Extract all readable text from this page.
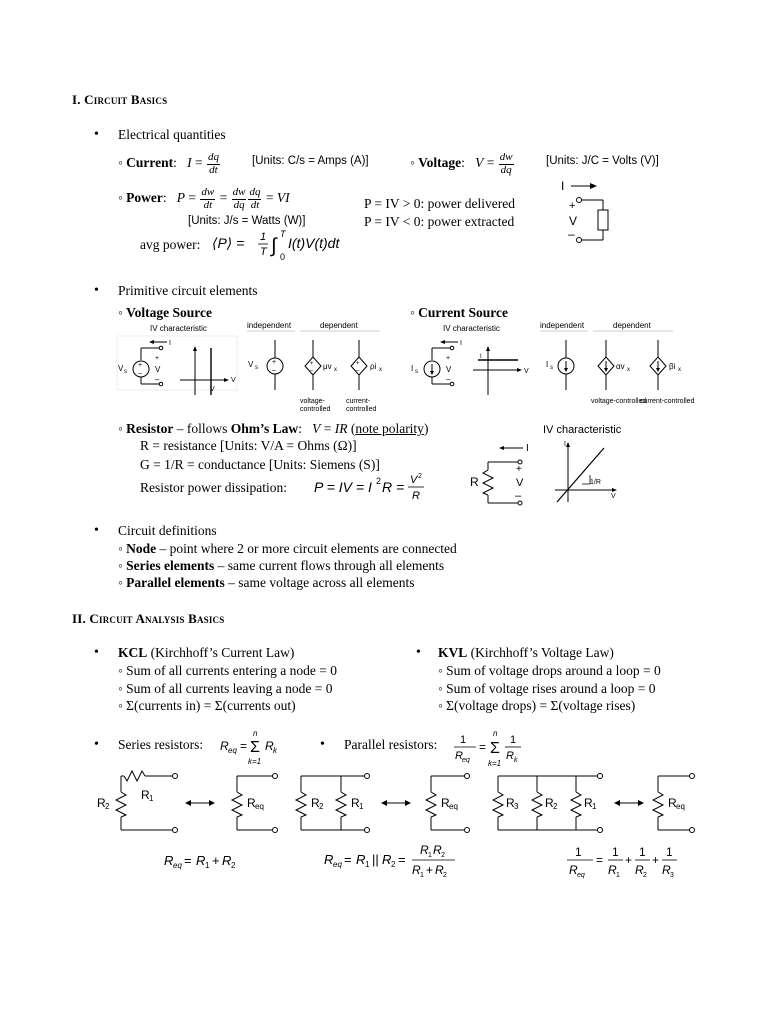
I. Circuit Basics
• Electrical quantities
◦ Current:   $I = \frac{dq}{dt}$	[Units: C/s = Amps (A)]	◦ Voltage:   $V = \frac{dw}{dq}$	[Units: J/C = Volts (V)]
◦ Power:   $P = \frac{dw}{dt} = \frac{dw}{dq} \frac{dq}{dt}$ = VI
[Units: J/s = Watts (W)]
P = IV > 0: power delivered
P = IV < 0: power extracted
avg power: ⟨P⟩ = 1
T ∫
T
0
I(t)V(t)dt
I
+
V
–
• Primitive circuit elements
◦ Voltage Source	◦ Current Source
IV characteristic
V s
+
–
+
V
–
I
V
V
independent
V s
+
–
dependent
+
– μv x
+
– ρi x
voltage-
controlled
current-
controlled
IV characteristic
I s
+
V
–
I
V
I
independent
I s
dependent
αv x	βi x
voltage-controlled
current-controlled
◦ Resistor – follows Ohm’s Law:   V = IR (note polarity)
R = resistance [Units: V/A = Ohms (Ω)]
G = 1/R = conductance [Units: Siemens (S)]
Resistor power dissipation: P = IV = I 2 R = V 2
R
I
R
+
V
–
IV characteristic
1/R
I
V
• Circuit definitions
◦ Node – point where 2 or more circuit elements are connected
◦ Series elements – same current flows through all elements
◦ Parallel elements – same voltage across all elements
II. Circuit Analysis Basics
• KCL (Kirchhoff’s Current Law)
◦ Sum of all currents entering a node = 0
◦ Sum of all currents leaving a node = 0
◦ Σ(currents in) = Σ(currents out)
• KVL (Kirchhoff’s Voltage Law)
◦ Sum of voltage drops around a loop = 0
◦ Sum of voltage rises around a loop = 0
◦ Σ(voltage drops) = Σ(voltage rises)
• Series resistors: R eq =
n
Σ
k=1
R k	• Parallel resistors: 1
R eq
=
n
Σ
k=1
1
R k
R 1
R 2	R eq	R 2 R 1	R eq	R 3 R 2 R 1	R eq
R eq = R 1 + R 2	R eq = R 1 || R 2 =
R 1 R 2
R 1 + R 2
1
R eq
=
1
R 1
+
1
R 2
+
1
R 3
